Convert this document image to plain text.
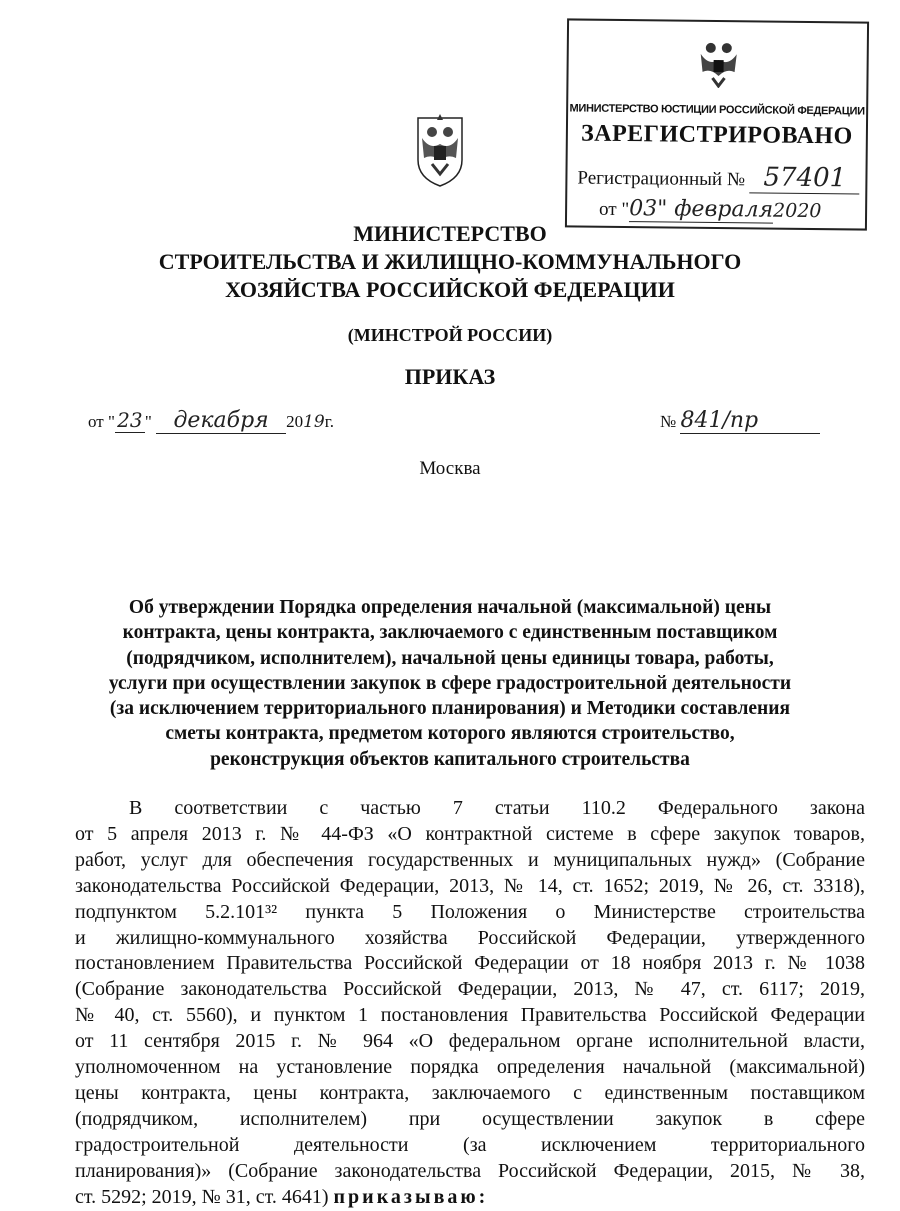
МИНИСТЕРСТВО ЮСТИЦИИ РОССИЙСКОЙ ФЕДЕРАЦИИ
ЗАРЕГИСТРИРОВАНО
Регистрационный № 57401
от "03" февраля2020
МИНИСТЕРСТВО
СТРОИТЕЛЬСТВА И ЖИЛИЩНО-КОММУНАЛЬНОГО
ХОЗЯЙСТВА РОССИЙСКОЙ ФЕДЕРАЦИИ
(МИНСТРОЙ РОССИИ)
ПРИКАЗ
от " 23 " декабря 2019г.	№ 841/пр
Москва
Об утверждении Порядка определения начальной (максимальной) цены
контракта, цены контракта, заключаемого с единственным поставщиком
(подрядчиком, исполнителем), начальной цены единицы товара, работы,
услуги при осуществлении закупок в сфере градостроительной деятельности
(за исключением территориального планирования) и Методики составления
сметы контракта, предметом которого являются строительство,
реконструкция объектов капитального строительства
В соответствии с частью 7 статьи 110.2 Федерального закона
от 5 апреля 2013 г. № 44-ФЗ «О контрактной системе в сфере закупок товаров,
работ, услуг для обеспечения государственных и муниципальных нужд» (Собрание
законодательства Российской Федерации, 2013, № 14, ст. 1652; 2019, № 26, ст. 3318),
подпунктом 5.2.101³² пункта 5 Положения о Министерстве строительства
и жилищно-коммунального хозяйства Российской Федерации, утвержденного
постановлением Правительства Российской Федерации от 18 ноября 2013 г. № 1038
(Собрание законодательства Российской Федерации, 2013, № 47, ст. 6117; 2019,
№ 40, ст. 5560), и пунктом 1 постановления Правительства Российской Федерации
от 11 сентября 2015 г. № 964 «О федеральном органе исполнительной власти,
уполномоченном на установление порядка определения начальной (максимальной)
цены контракта, цены контракта, заключаемого с единственным поставщиком
(подрядчиком, исполнителем) при осуществлении закупок в сфере
градостроительной деятельности (за исключением территориального
планирования)» (Собрание законодательства Российской Федерации, 2015, № 38,
ст. 5292; 2019, № 31, ст. 4641) приказываю:
